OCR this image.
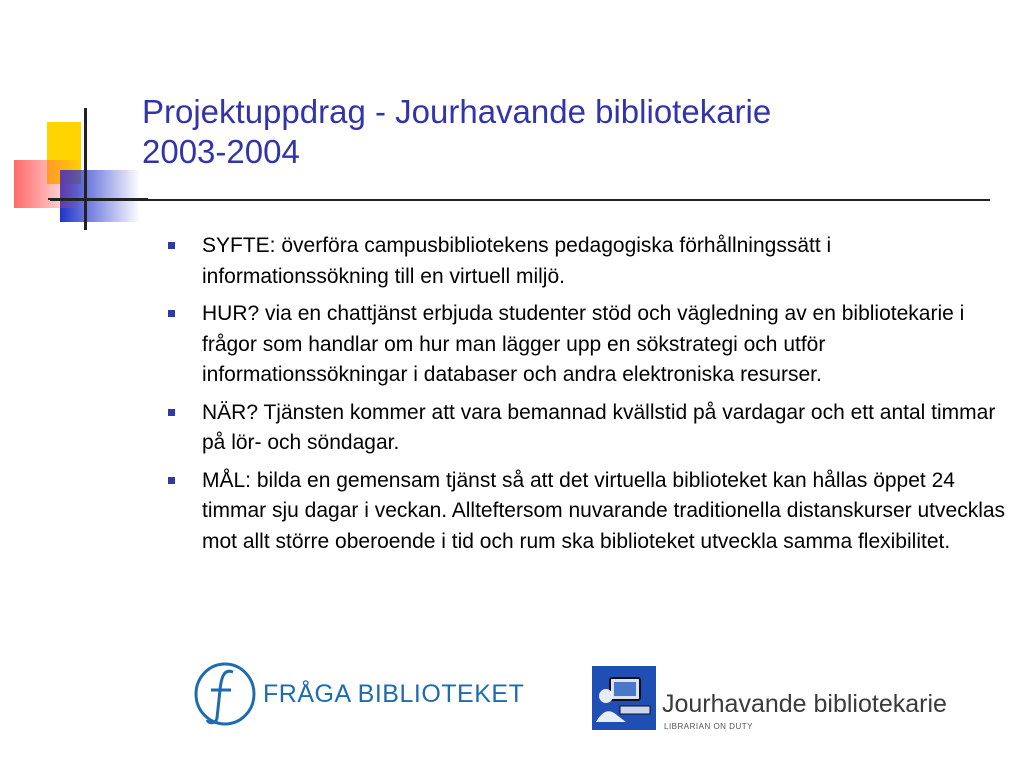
Projektuppdrag - Jourhavande bibliotekarie
2003-2004
SYFTE: överföra campusbibliotekens pedagogiska förhållningssätt i informationssökning till en virtuell miljö.
HUR? via en chattjänst erbjuda studenter stöd och vägledning av en bibliotekarie i frågor som handlar om hur man lägger upp en sökstrategi och utför informationssökningar i databaser och andra elektroniska resurser.
NÄR? Tjänsten kommer att vara bemannad kvällstid på vardagar och ett antal timmar på lör- och söndagar.
MÅL: bilda en gemensam tjänst så att det virtuella biblioteket kan hållas öppet 24 timmar sju dagar i veckan. Allteftersom nuvarande traditionella distanskurser utvecklas mot allt större oberoende i tid och rum ska biblioteket utveckla samma flexibilitet.
FRÅGA BIBLIOTEKET	Jourhavande bibliotekarie
LIBRARIAN ON DUTY
